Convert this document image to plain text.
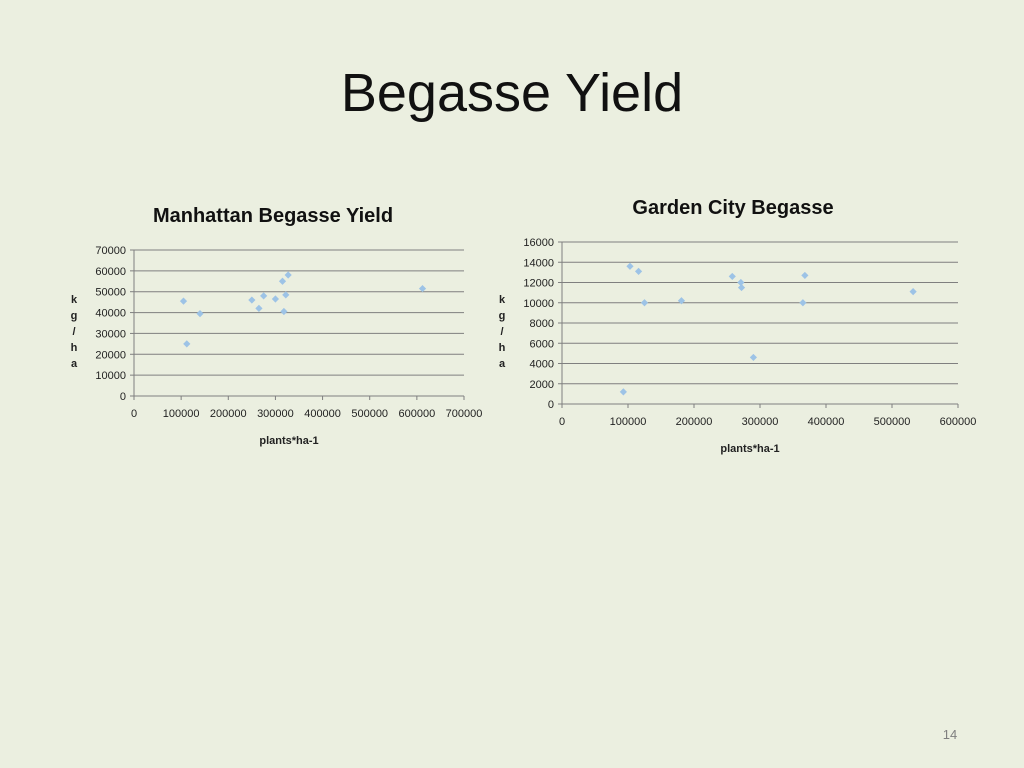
Begasse Yield
Manhattan Begasse Yield
0
10000
20000
30000
40000
50000
60000
70000
0 100000 200000 300000 400000 500000 600000 700000
plants*ha-1
k
g
/
h
a
Garden City Begasse
0
2000
4000
6000
8000
10000
12000
14000
16000
0	100000	200000	300000	400000	500000	600000
plants*ha-1
k
g
/
h
a
14
